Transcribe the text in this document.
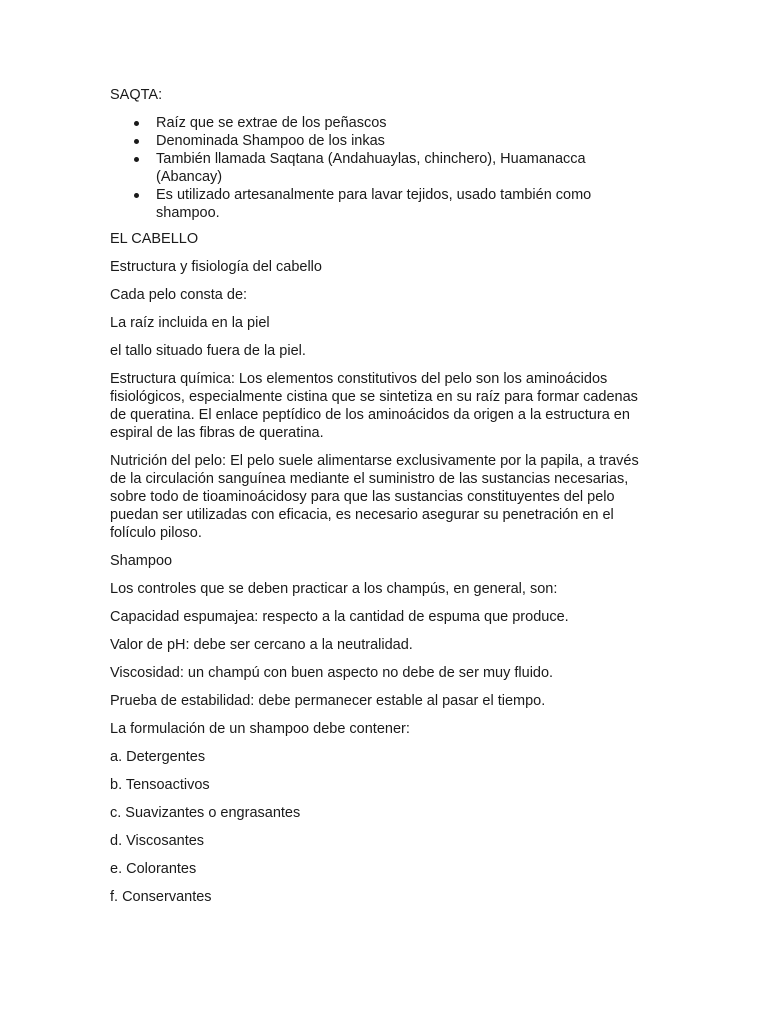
SAQTA:

Raíz que se extrae de los peñascos
Denominada Shampoo de los inkas
También llamada Saqtana (Andahuaylas, chinchero), Huamanacca (Abancay)
Es utilizado artesanalmente para lavar tejidos, usado también como shampoo.

EL CABELLO

Estructura y fisiología del cabello

Cada pelo consta de:

La raíz incluida en la piel

el tallo situado fuera de la piel.

Estructura química: Los elementos constitutivos del pelo son los aminoácidos fisiológicos, especialmente cistina que se sintetiza en su raíz para formar cadenas de queratina. El enlace peptídico de los aminoácidos da origen a la estructura en espiral de las fibras de queratina.

Nutrición del pelo: El pelo suele alimentarse exclusivamente por la papila, a través de la circulación sanguínea mediante el suministro de las sustancias necesarias, sobre todo de tioaminoácidosy para que las sustancias constituyentes del pelo puedan ser utilizadas con eficacia, es necesario asegurar su penetración en el folículo piloso.

Shampoo

Los controles que se deben practicar a los champús, en general, son:

Capacidad espumajea: respecto a la cantidad de espuma que produce.

Valor de pH: debe ser cercano a la neutralidad.

Viscosidad: un champú con buen aspecto no debe de ser muy fluido.

Prueba de estabilidad: debe permanecer estable al pasar el tiempo.

La formulación de un shampoo debe contener:

a. Detergentes

b. Tensoactivos

c. Suavizantes o engrasantes

d. Viscosantes

e. Colorantes

f. Conservantes
